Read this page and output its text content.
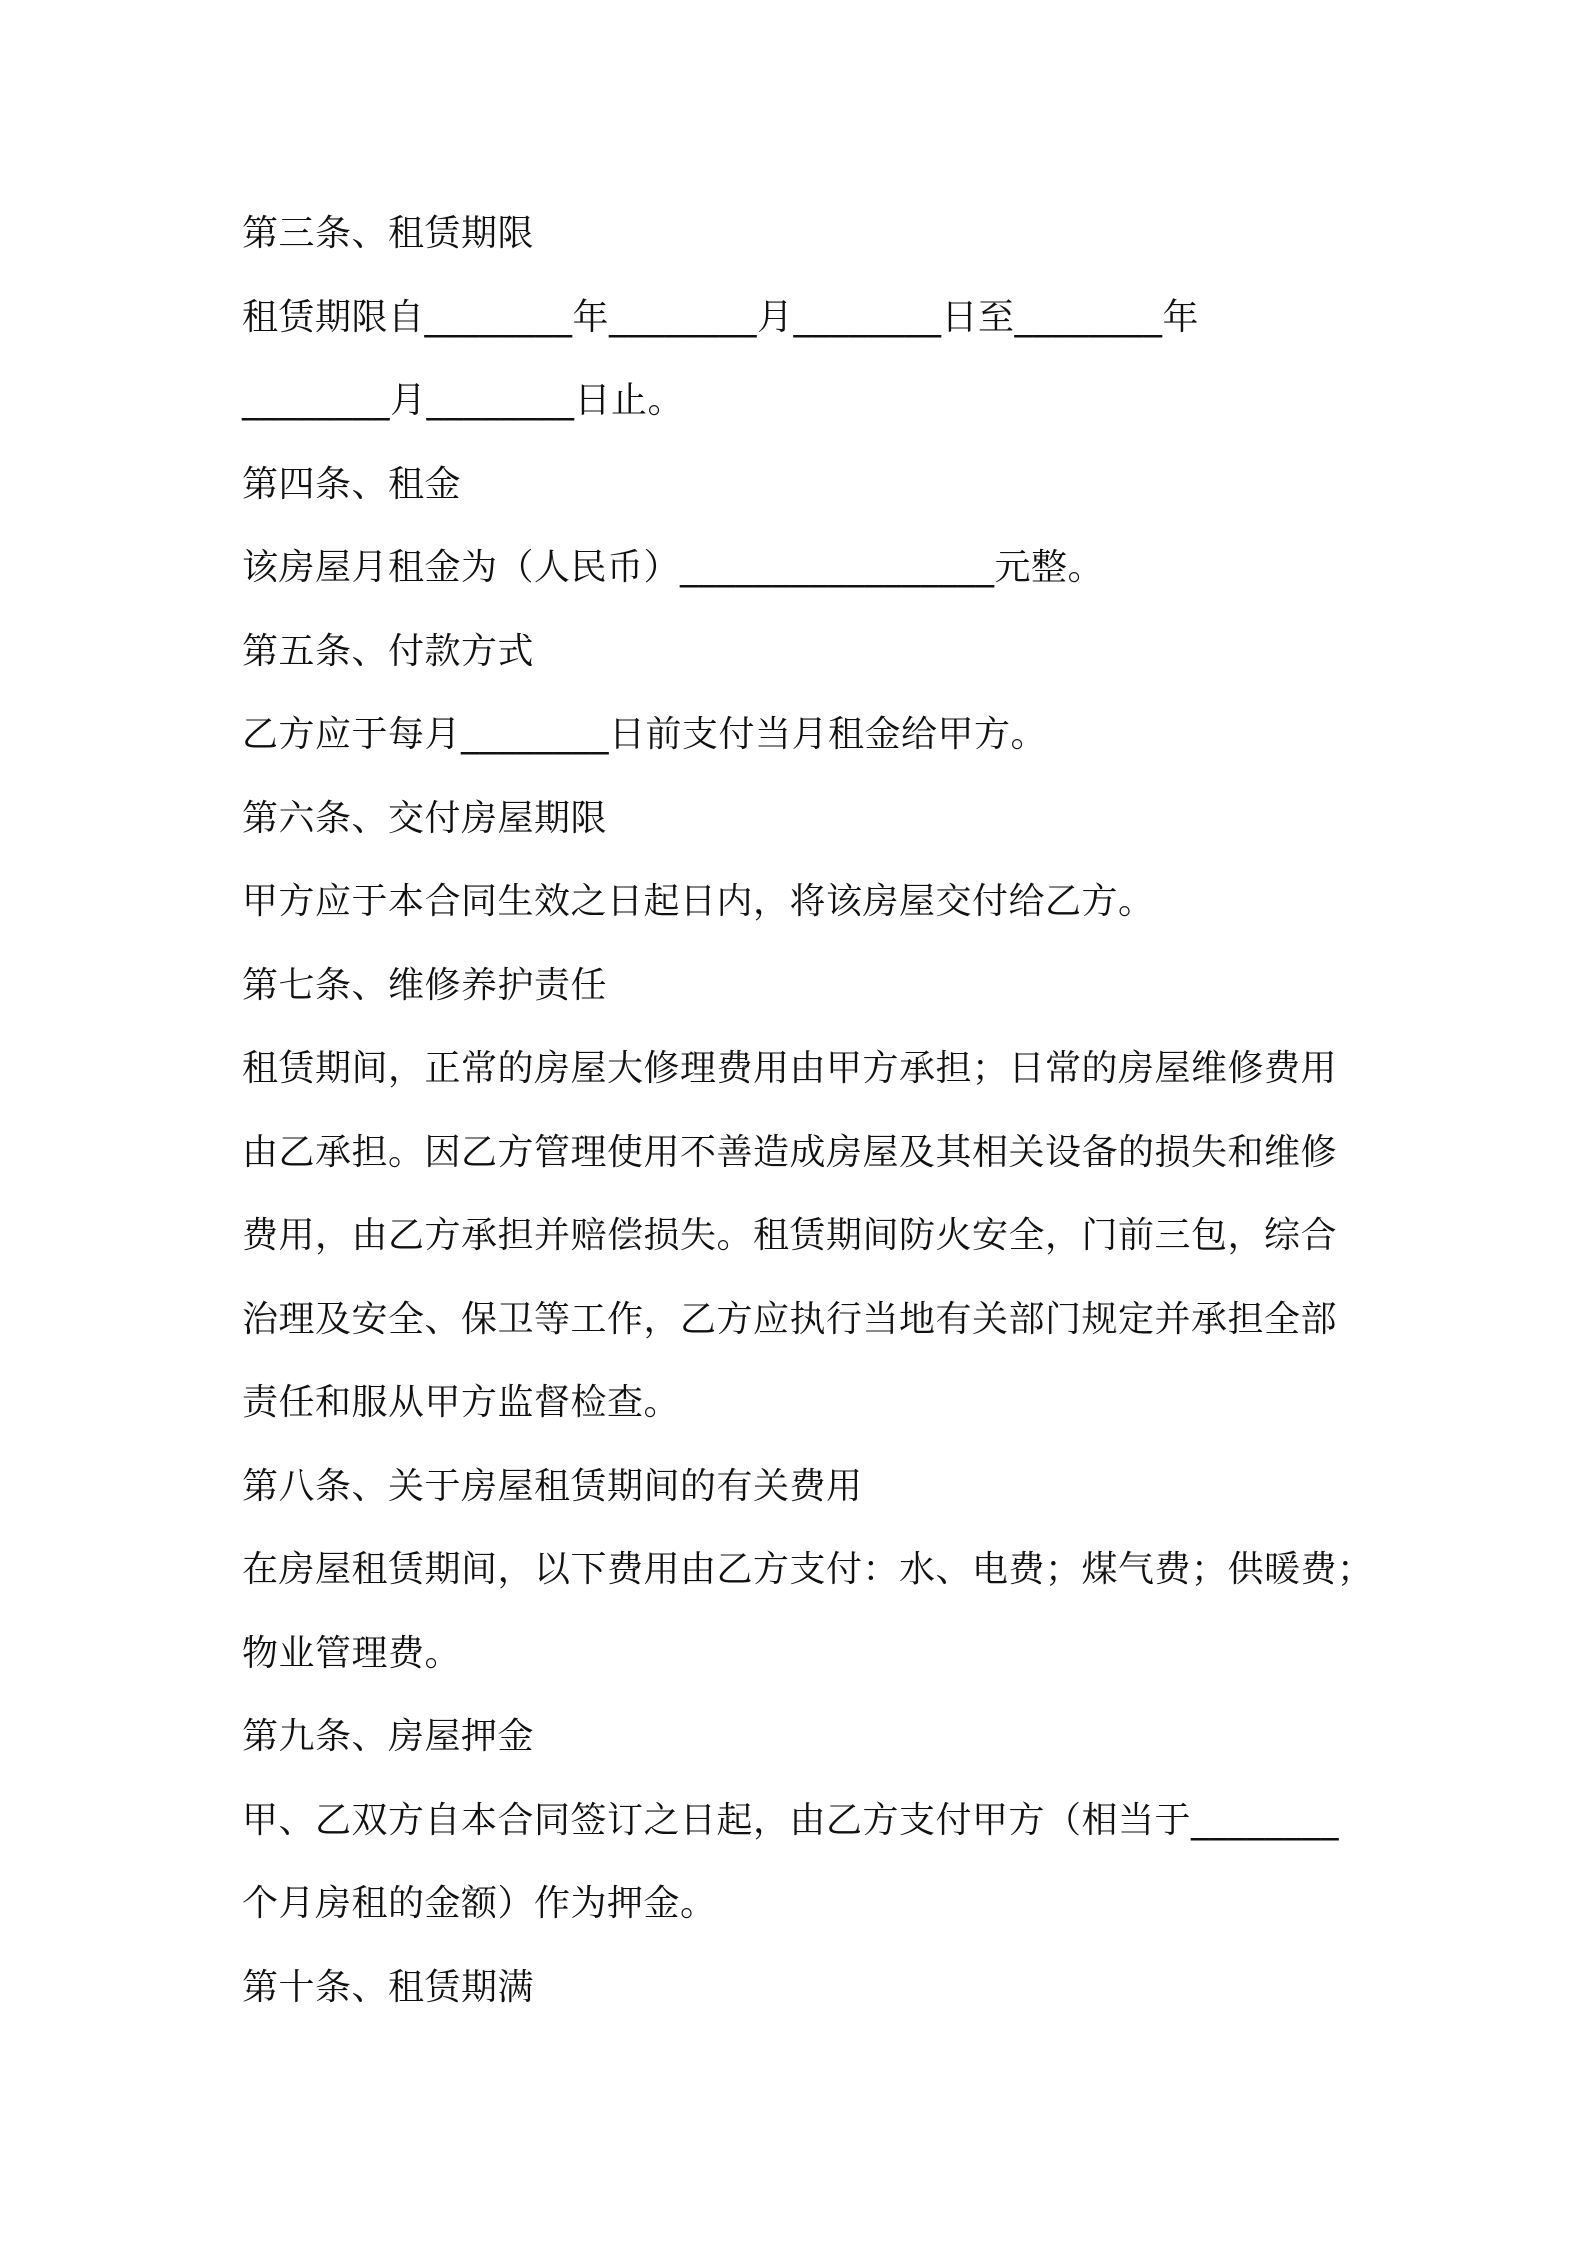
第三条、租赁期限
租赁期限自________年________月________日至________年
________月________日止。
第四条、租金
该房屋月租金为（人民币）_________________元整。
第五条、付款方式
乙方应于每月________日前支付当月租金给甲方。
第六条、交付房屋期限
甲方应于本合同生效之日起日内，将该房屋交付给乙方。
第七条、维修养护责任
租赁期间，正常的房屋大修理费用由甲方承担；日常的房屋维修费用
由乙承担。因乙方管理使用不善造成房屋及其相关设备的损失和维修
费用，由乙方承担并赔偿损失。租赁期间防火安全，门前三包，综合
治理及安全、保卫等工作，乙方应执行当地有关部门规定并承担全部
责任和服从甲方监督检查。
第八条、关于房屋租赁期间的有关费用
在房屋租赁期间，以下费用由乙方支付：水、电费；煤气费；供暖费；
物业管理费。
第九条、房屋押金
甲、乙双方自本合同签订之日起，由乙方支付甲方（相当于________
个月房租的金额）作为押金。
第十条、租赁期满
